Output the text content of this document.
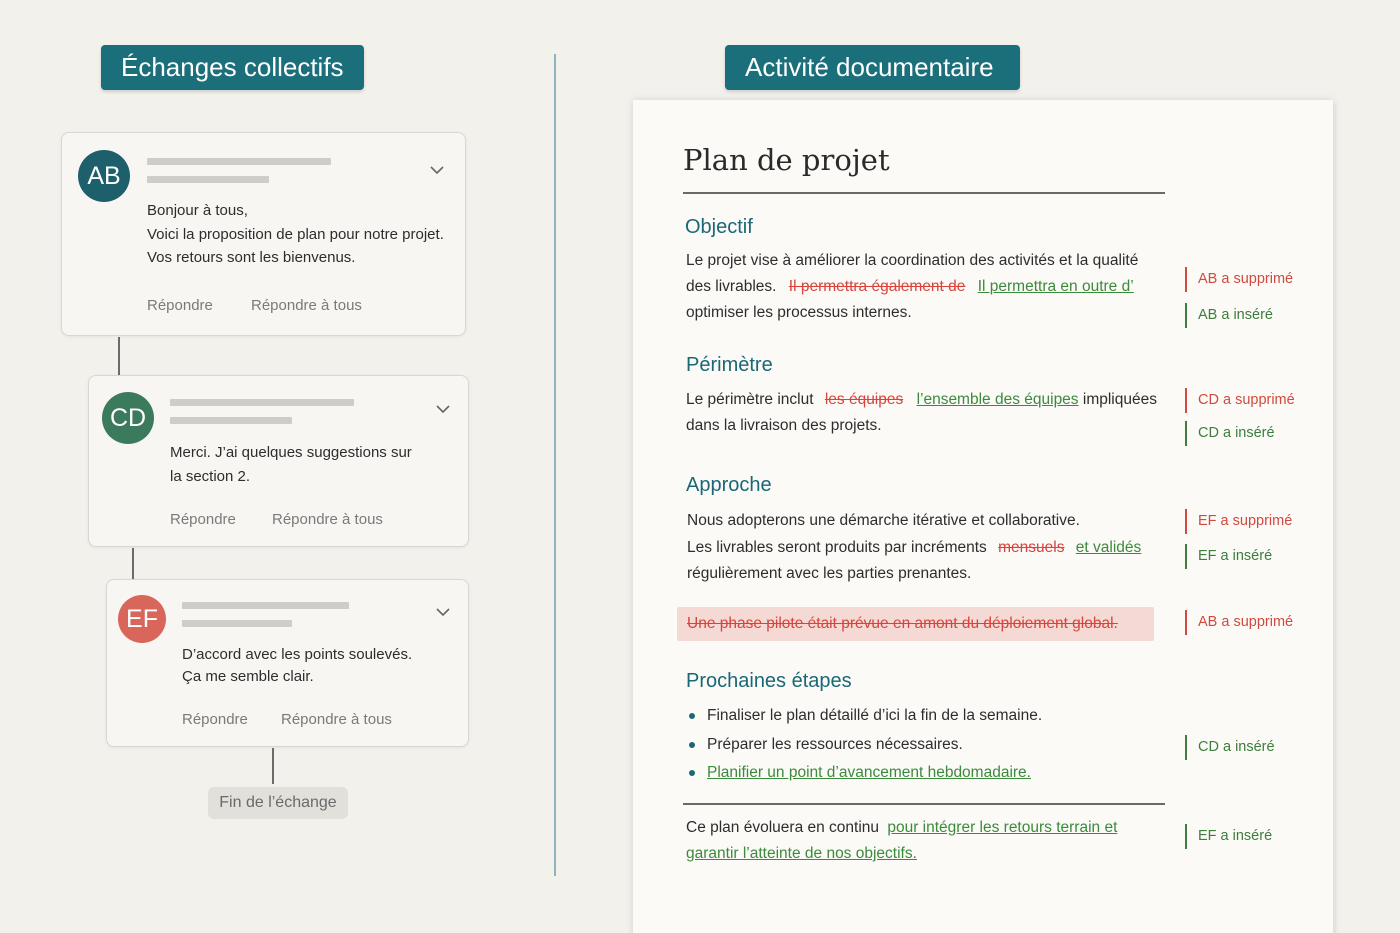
Échanges collectifs
AB
Bonjour à tous,
Voici la proposition de plan pour notre projet.
Vos retours sont les bienvenus.
Répondre	Répondre à tous
CD
Merci. J’ai quelques suggestions sur
la section 2.
Répondre Répondre à tous
EF
D’accord avec les points soulevés.
Ça me semble clair.
Répondre Répondre à tous
Fin de l’échange
Activité documentaire
Plan de projet
Objectif
Le projet vise à améliorer la coordination des activités et la qualité
des livrables. Il permettra également de Il permettra en outre d’
optimiser les processus internes.
AB a supprimé
AB a inséré
Périmètre
Le périmètre inclut les équipes l’ensemble des équipes impliquées
dans la livraison des projets.
CD a supprimé
CD a inséré
Approche
Nous adopterons une démarche itérative et collaborative.
Les livrables seront produits par incréments mensuels et validés
régulièrement avec les parties prenantes.
EF a supprimé
EF a inséré
Une phase pilote était prévue en amont du déploiement global.	AB a supprimé
Prochaines étapes
Finaliser le plan détaillé d’ici la fin de la semaine.
Préparer les ressources nécessaires.
Planifier un point d’avancement hebdomadaire.
CD a inséré
Ce plan évoluera en continu pour intégrer les retours terrain et
garantir l’atteinte de nos objectifs.
EF a inséré
